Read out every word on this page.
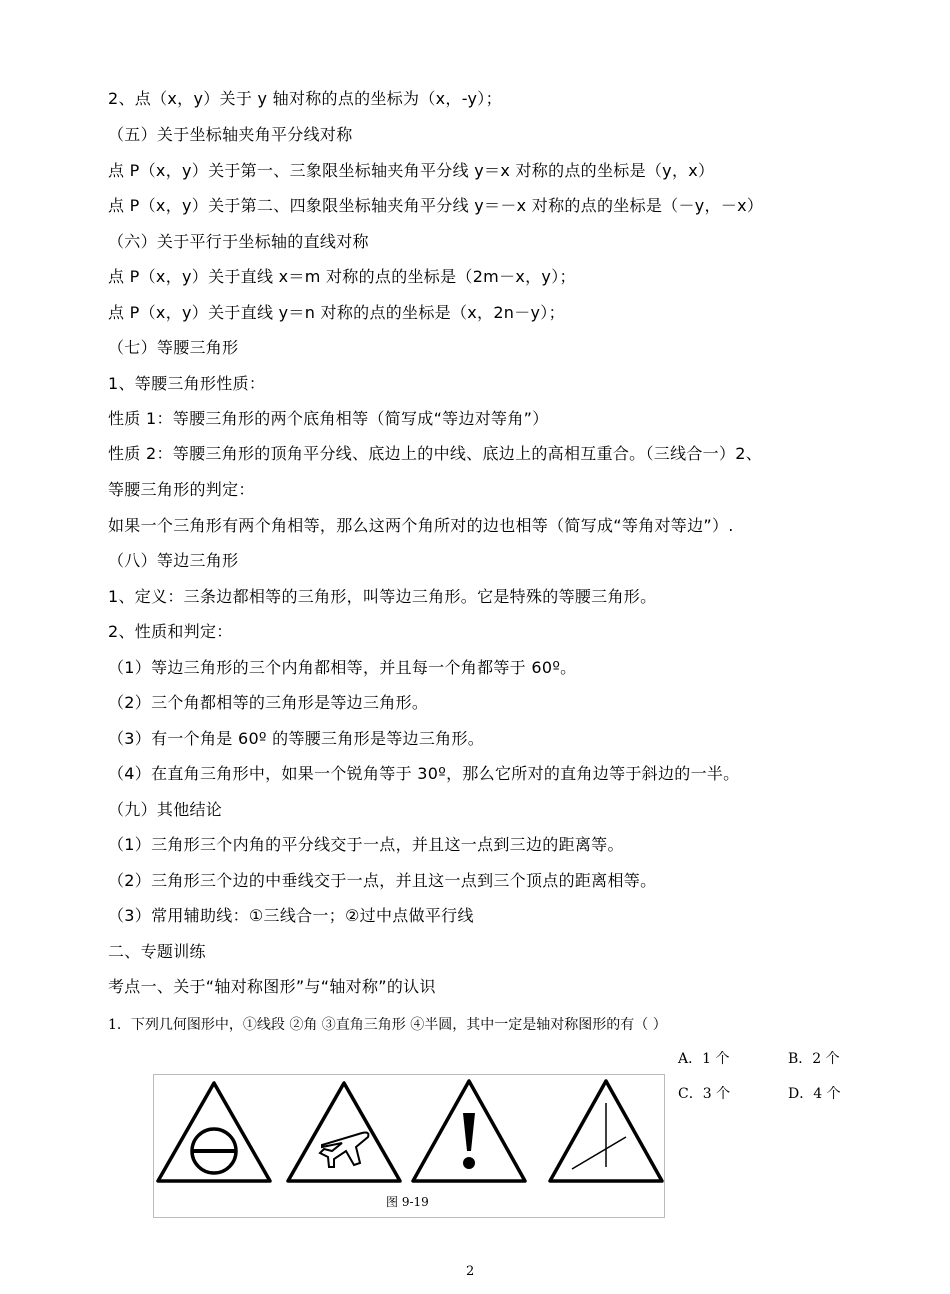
2、点（x，y）关于 y 轴对称的点的坐标为（x，-y）；
（五）关于坐标轴夹角平分线对称
点 P（x，y）关于第一、三象限坐标轴夹角平分线 y＝x 对称的点的坐标是（y，x）
点 P（x，y）关于第二、四象限坐标轴夹角平分线 y＝－x 对称的点的坐标是（－y，－x）
（六）关于平行于坐标轴的直线对称
点 P（x，y）关于直线 x＝m 对称的点的坐标是（2m－x，y）；
点 P（x，y）关于直线 y＝n 对称的点的坐标是（x，2n－y）；
（七）等腰三角形
1、等腰三角形性质：
性质 1：等腰三角形的两个底角相等（简写成“等边对等角”）
性质 2：等腰三角形的顶角平分线、底边上的中线、底边上的高相互重合。（三线合一）2、
等腰三角形的判定：
如果一个三角形有两个角相等，那么这两个角所对的边也相等（简写成“等角对等边”）.
（八）等边三角形
1、定义：三条边都相等的三角形，叫等边三角形。它是特殊的等腰三角形。
2、性质和判定：
（1）等边三角形的三个内角都相等，并且每一个角都等于 60º。
（2）三个角都相等的三角形是等边三角形。
（3）有一个角是 60º 的等腰三角形是等边三角形。
（4）在直角三角形中，如果一个锐角等于 30º，那么它所对的直角边等于斜边的一半。
（九）其他结论
（1）三角形三个内角的平分线交于一点，并且这一点到三边的距离等。
（2）三角形三个边的中垂线交于一点，并且这一点到三个顶点的距离相等。
（3）常用辅助线：①三线合一；②过中点做平行线
二、专题训练
考点一、关于“轴对称图形”与“轴对称”的认识
1．下列几何图形中，①线段 ②角 ③直角三角形 ④半圆，其中一定是轴对称图形的有（ ）
A．1 个	B．2 个
C．3 个	D．4 个
图 9-19
2
